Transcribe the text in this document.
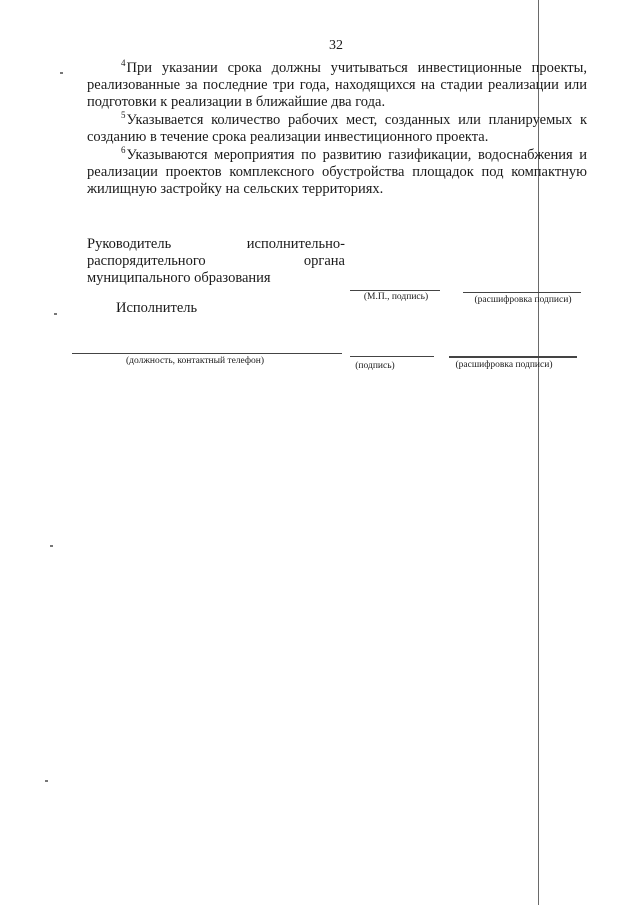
32

$^4$При указании срока должны учитываться инвестиционные проекты, реализованные за последние три года, находящихся на стадии реализации или подготовки к реализации в ближайшие два года.

$^5$Указывается количество рабочих мест, созданных или планируемых к созданию в течение срока реализации инвестиционного проекта.

$^6$Указываются мероприятия по развитию газификации, водоснабжения и реализации проектов комплексного обустройства площадок под компактную жилищную застройку на сельских территориях.

Руководитель	исполнительно-
распорядительного	органа
муниципального образования
(М.П., подпись)	(расшифровка подписи)
Исполнитель
(должность, контактный телефон)	(подпись)	(расшифровка подписи)
